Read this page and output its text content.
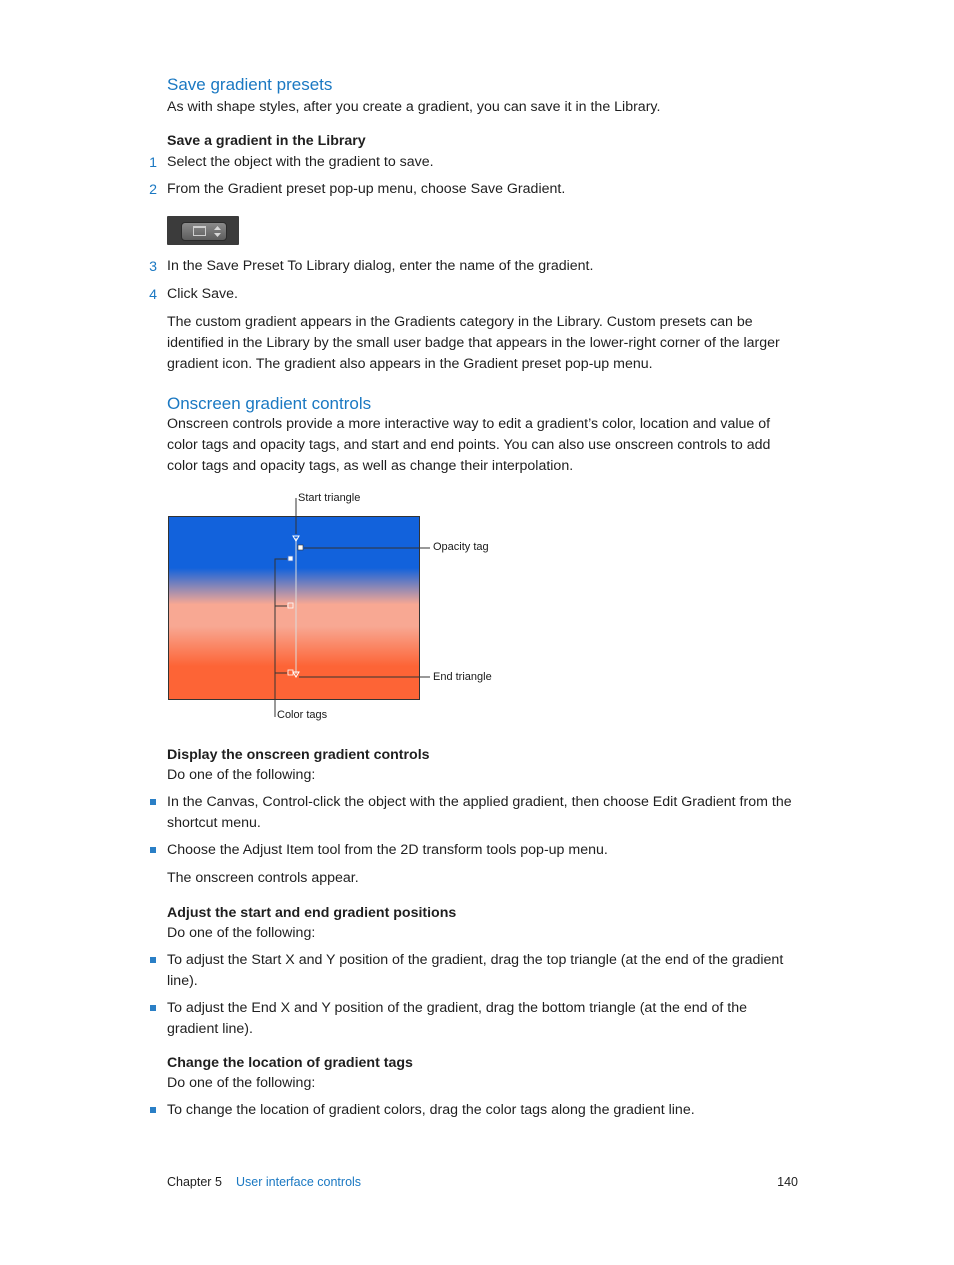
Save gradient presets
As with shape styles, after you create a gradient, you can save it in the Library.
Save a gradient in the Library
1 Select the object with the gradient to save.
2 From the Gradient preset pop-up menu, choose Save Gradient.
3 In the Save Preset To Library dialog, enter the name of the gradient.
4 Click Save.
The custom gradient appears in the Gradients category in the Library. Custom presets can be identified in the Library by the small user badge that appears in the lower-right corner of the larger gradient icon. The gradient also appears in the Gradient preset pop-up menu.
Onscreen gradient controls
Onscreen controls provide a more interactive way to edit a gradient’s color, location and value of color tags and opacity tags, and start and end points. You can also use onscreen controls to add color tags and opacity tags, as well as change their interpolation.
Start triangle
Opacity tag
End triangle
Color tags
Display the onscreen gradient controls
Do one of the following:
In the Canvas, Control-click the object with the applied gradient, then choose Edit Gradient from the shortcut menu.
Choose the Adjust Item tool from the 2D transform tools pop-up menu.
The onscreen controls appear.
Adjust the start and end gradient positions
Do one of the following:
To adjust the Start X and Y position of the gradient, drag the top triangle (at the end of the gradient line).
To adjust the End X and Y position of the gradient, drag the bottom triangle (at the end of the gradient line).
Change the location of gradient tags
Do one of the following:
To change the location of gradient colors, drag the color tags along the gradient line.
Chapter 5 User interface controls	140
